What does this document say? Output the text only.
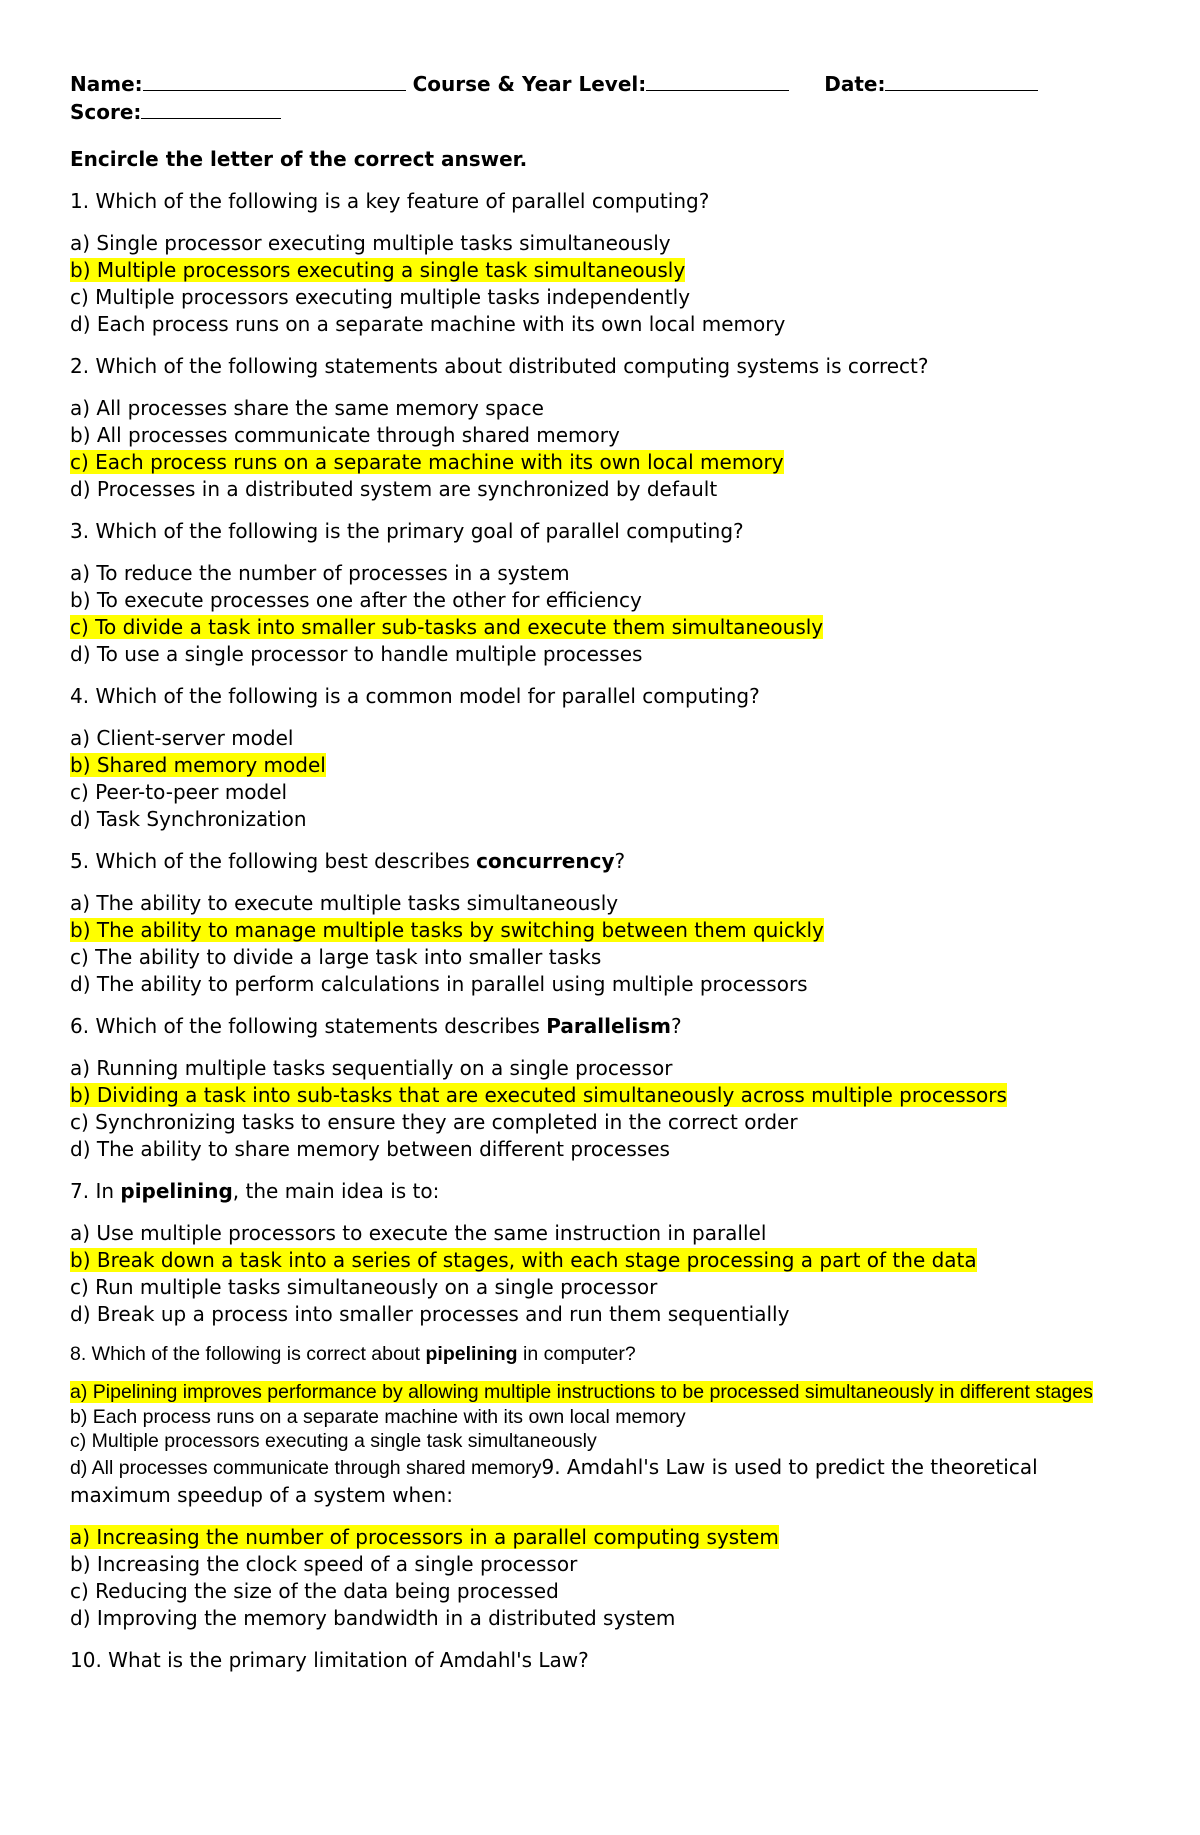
Name:	Course & Year Level:	Date:
Score:
Encircle the letter of the correct answer.
1. Which of the following is a key feature of parallel computing?
a) Single processor executing multiple tasks simultaneously
b) Multiple processors executing a single task simultaneously
c) Multiple processors executing multiple tasks independently
d) Each process runs on a separate machine with its own local memory
2. Which of the following statements about distributed computing systems is correct?
a) All processes share the same memory space
b) All processes communicate through shared memory
c) Each process runs on a separate machine with its own local memory
d) Processes in a distributed system are synchronized by default
3. Which of the following is the primary goal of parallel computing?
a) To reduce the number of processes in a system
b) To execute processes one after the other for efficiency
c) To divide a task into smaller sub-tasks and execute them simultaneously
d) To use a single processor to handle multiple processes
4. Which of the following is a common model for parallel computing?
a) Client-server model
b) Shared memory model
c) Peer-to-peer model
d) Task Synchronization
5. Which of the following best describes concurrency?
a) The ability to execute multiple tasks simultaneously
b) The ability to manage multiple tasks by switching between them quickly
c) The ability to divide a large task into smaller tasks
d) The ability to perform calculations in parallel using multiple processors
6. Which of the following statements describes Parallelism?
a) Running multiple tasks sequentially on a single processor
b) Dividing a task into sub-tasks that are executed simultaneously across multiple processors
c) Synchronizing tasks to ensure they are completed in the correct order
d) The ability to share memory between different processes
7. In pipelining, the main idea is to:
a) Use multiple processors to execute the same instruction in parallel
b) Break down a task into a series of stages, with each stage processing a part of the data
c) Run multiple tasks simultaneously on a single processor
d) Break up a process into smaller processes and run them sequentially
8. Which of the following is correct about pipelining in computer?
a) Pipelining improves performance by allowing multiple instructions to be processed simultaneously in different stages
b) Each process runs on a separate machine with its own local memory
c) Multiple processors executing a single task simultaneously
d) All processes communicate through shared memory9. Amdahl's Law is used to predict the theoretical maximum speedup of a system when:
a) Increasing the number of processors in a parallel computing system
b) Increasing the clock speed of a single processor
c) Reducing the size of the data being processed
d) Improving the memory bandwidth in a distributed system
10. What is the primary limitation of Amdahl's Law?
